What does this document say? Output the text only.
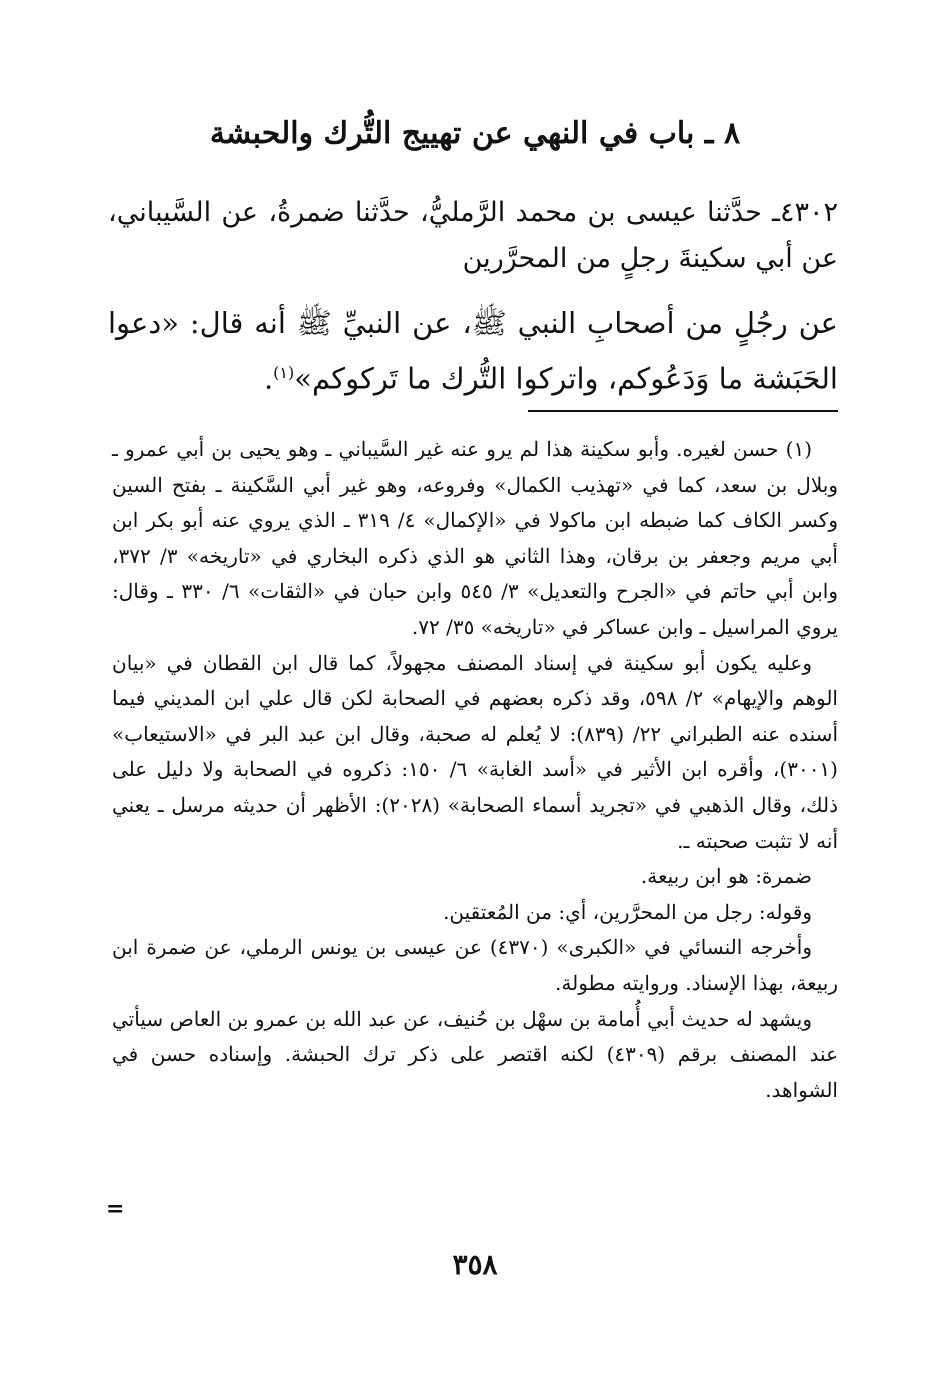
٨ ـ باب في النهي عن تهييج التُّرك والحبشة

٤٣٠٢ـ حدَّثنا عيسى بن محمد الرَّمليُّ، حدَّثنا ضمرةُ، عن السَّيباني، عن أبي سكينةَ رجلٍ من المحرَّرين

عن رجُلٍ من أصحابِ النبي ﷺ، عن النبيِّ ﷺ أنه قال: «دعوا الحَبَشة ما وَدَعُوكم، واتركوا التُّرك ما تَركوكم»$^{(١)}$.

(١) حسن لغيره. وأبو سكينة هذا لم يرو عنه غير السَّيباني ـ وهو يحيى بن أبي عمرو ـ وبلال بن سعد، كما في «تهذيب الكمال» وفروعه، وهو غير أبي السَّكينة ـ بفتح السين وكسر الكاف كما ضبطه ابن ماكولا في «الإكمال» ٤/ ٣١٩ ـ الذي يروي عنه أبو بكر ابن أبي مريم وجعفر بن برقان، وهذا الثاني هو الذي ذكره البخاري في «تاريخه» ٣/ ٣٧٢، وابن أبي حاتم في «الجرح والتعديل» ٣/ ٥٤٥ وابن حبان في «الثقات» ٦/ ٣٣٠ ـ وقال: يروي المراسيل ـ وابن عساكر في «تاريخه» ٣٥/ ٧٢.

وعليه يكون أبو سكينة في إسناد المصنف مجهولاً، كما قال ابن القطان في «بيان الوهم والإيهام» ٢/ ٥٩٨، وقد ذكره بعضهم في الصحابة لكن قال علي ابن المديني فيما أسنده عنه الطبراني ٢٢/ (٨٣٩): لا يُعلم له صحبة، وقال ابن عبد البر في «الاستيعاب» (٣٠٠١)، وأقره ابن الأثير في «أسد الغابة» ٦/ ١٥٠: ذكروه في الصحابة ولا دليل على ذلك، وقال الذهبي في «تجريد أسماء الصحابة» (٢٠٢٨): الأظهر أن حديثه مرسل ـ يعني أنه لا تثبت صحبته ـ.

ضمرة: هو ابن ربيعة.

وقوله: رجل من المحرَّرين، أي: من المُعتقين.

وأخرجه النسائي في «الكبرى» (٤٣٧٠) عن عيسى بن يونس الرملي، عن ضمرة ابن ربيعة، بهذا الإسناد. وروايته مطولة.

ويشهد له حديث أبي أُمامة بن سهْل بن حُنيف، عن عبد الله بن عمرو بن العاص سيأتي عند المصنف برقم (٤٣٠٩) لكنه اقتصر على ذكر ترك الحبشة. وإسناده حسن في الشواهد.

=
٣٥٨
